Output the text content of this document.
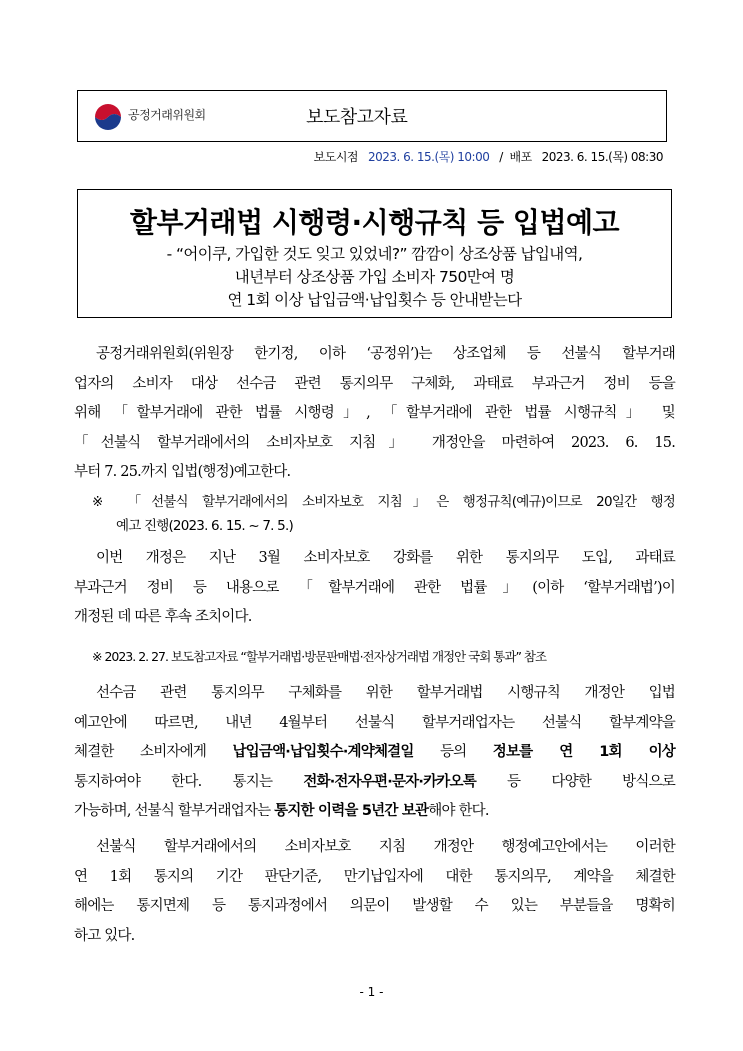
공정거래위원회	보도참고자료
보도시점 2023. 6. 15.(목) 10:00 / 배포 2023. 6. 15.(목) 08:30
할부거래법 시행령·시행규칙 등 입법예고
- “어이쿠, 가입한 것도 잊고 있었네?” 깜깜이 상조상품 납입내역,
내년부터 상조상품 가입 소비자 750만여 명
연 1회 이상 납입금액·납입횟수 등 안내받는다

공정거래위원회(위원장 한기정, 이하 ‘공정위’)는 상조업체 등 선불식 할부거래
업자의 소비자 대상 선수금 관련 통지의무 구체화, 과태료 부과근거 정비 등을
위해 「할부거래에 관한 법률 시행령」, 「할부거래에 관한 법률 시행규칙」 및
「선불식 할부거래에서의 소비자보호 지침」 개정안을 마련하여 2023. 6. 15.
부터 7. 25.까지 입법(행정)예고한다.

※ 「선불식 할부거래에서의 소비자보호 지침」은 행정규칙(예규)이므로 20일간 행정
예고 진행(2023. 6. 15. ~ 7. 5.)

이번 개정은 지난 3월 소비자보호 강화를 위한 통지의무 도입, 과태료
부과근거 정비 등 내용으로 「할부거래에 관한 법률」(이하 ‘할부거래법’)이
개정된 데 따른 후속 조치이다.

※ 2023. 2. 27. 보도참고자료 “할부거래법·방문판매법·전자상거래법 개정안 국회 통과” 참조

선수금 관련 통지의무 구체화를 위한 할부거래법 시행규칙 개정안 입법
예고안에 따르면, 내년 4월부터 선불식 할부거래업자는 선불식 할부계약을
체결한 소비자에게 납입금액·납입횟수·계약체결일 등의 정보를 연 1회 이상
통지하여야 한다. 통지는 전화·전자우편·문자·카카오톡 등 다양한 방식으로
가능하며, 선불식 할부거래업자는 통지한 이력을 5년간 보관해야 한다.

선불식 할부거래에서의 소비자보호 지침 개정안 행정예고안에서는 이러한
연 1회 통지의 기간 판단기준, 만기납입자에 대한 통지의무, 계약을 체결한
해에는 통지면제 등 통지과정에서 의문이 발생할 수 있는 부분들을 명확히
하고 있다.

- 1 -
